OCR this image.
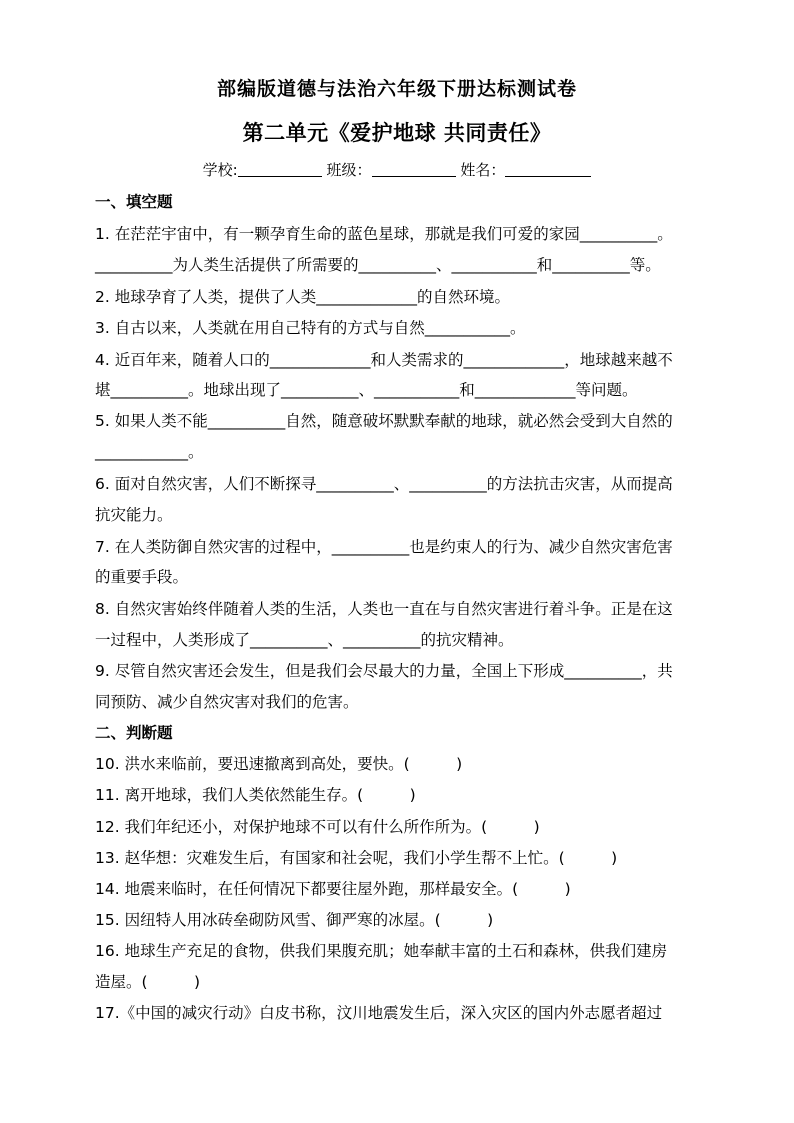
部编版道德与法治六年级下册达标测试卷
第二单元《爱护地球 共同责任》
学校:	班级：	姓名：
一、填空题
1. 在茫茫宇宙中，有一颗孕育生命的蓝色星球，那就是我们可爱的家园__________。
__________为人类生活提供了所需要的__________、___________和__________等。
2. 地球孕育了人类，提供了人类_____________的自然环境。
3. 自古以来，人类就在用自己特有的方式与自然___________。
4. 近百年来，随着人口的_____________和人类需求的_____________，地球越来越不
堪__________。地球出现了__________、___________和_____________等问题。
5. 如果人类不能__________自然，随意破坏默默奉献的地球，就必然会受到大自然的
____________。
6. 面对自然灾害，人们不断探寻__________、__________的方法抗击灾害，从而提高
抗灾能力。
7. 在人类防御自然灾害的过程中，__________也是约束人的行为、减少自然灾害危害
的重要手段。
8. 自然灾害始终伴随着人类的生活，人类也一直在与自然灾害进行着斗争。正是在这
一过程中，人类形成了__________、__________的抗灾精神。
9. 尽管自然灾害还会发生，但是我们会尽最大的力量，全国上下形成__________，共
同预防、减少自然灾害对我们的危害。
二、判断题
10. 洪水来临前，要迅速撤离到高处，要快。(　　　)
11. 离开地球，我们人类依然能生存。(　　　)
12. 我们年纪还小，对保护地球不可以有什么所作所为。(　　　)
13. 赵华想：灾难发生后，有国家和社会呢，我们小学生帮不上忙。(　　　)
14. 地震来临时，在任何情况下都要往屋外跑，那样最安全。(　　　)
15. 因纽特人用冰砖垒砌防风雪、御严寒的冰屋。(　　　)
16. 地球生产充足的食物，供我们果腹充肌；她奉献丰富的土石和森林，供我们建房
造屋。(　　　)
17.《中国的减灾行动》白皮书称，汶川地震发生后，深入灾区的国内外志愿者超过
